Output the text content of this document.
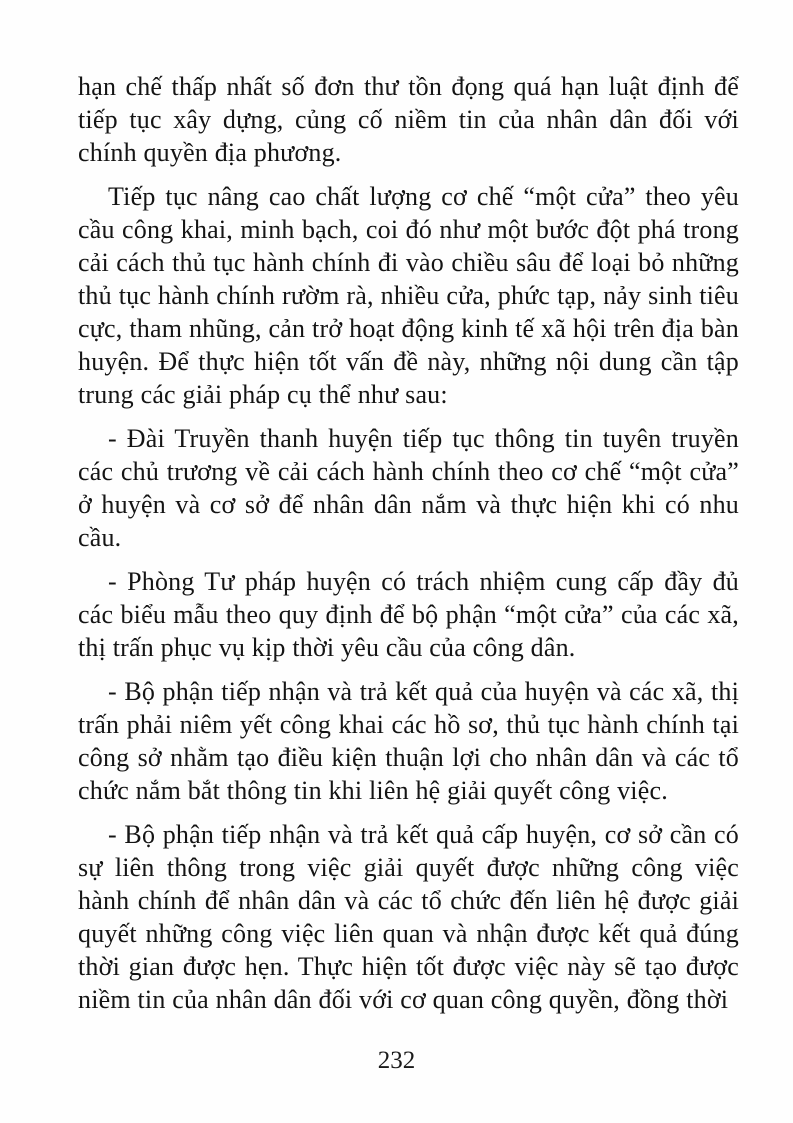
hạn chế thấp nhất số đơn thư tồn đọng quá hạn luật định để tiếp tục xây dựng, củng cố niềm tin của nhân dân đối với chính quyền địa phương.

Tiếp tục nâng cao chất lượng cơ chế “một cửa” theo yêu cầu công khai, minh bạch, coi đó như một bước đột phá trong cải cách thủ tục hành chính đi vào chiều sâu để loại bỏ những thủ tục hành chính rườm rà, nhiều cửa, phức tạp, nảy sinh tiêu cực, tham nhũng, cản trở hoạt động kinh tế xã hội trên địa bàn huyện. Để thực hiện tốt vấn đề này, những nội dung cần tập trung các giải pháp cụ thể như sau:

- Đài Truyền thanh huyện tiếp tục thông tin tuyên truyền các chủ trương về cải cách hành chính theo cơ chế “một cửa” ở huyện và cơ sở để nhân dân nắm và thực hiện khi có nhu cầu.

- Phòng Tư pháp huyện có trách nhiệm cung cấp đầy đủ các biểu mẫu theo quy định để bộ phận “một cửa” của các xã, thị trấn phục vụ kịp thời yêu cầu của công dân.

- Bộ phận tiếp nhận và trả kết quả của huyện và các xã, thị trấn phải niêm yết công khai các hồ sơ, thủ tục hành chính tại công sở nhằm tạo điều kiện thuận lợi cho nhân dân và các tổ chức nắm bắt thông tin khi liên hệ giải quyết công việc.

- Bộ phận tiếp nhận và trả kết quả cấp huyện, cơ sở cần có sự liên thông trong việc giải quyết được những công việc hành chính để nhân dân và các tổ chức đến liên hệ được giải quyết những công việc liên quan và nhận được kết quả đúng thời gian được hẹn. Thực hiện tốt được việc này sẽ tạo được niềm tin của nhân dân đối với cơ quan công quyền, đồng thời

232
